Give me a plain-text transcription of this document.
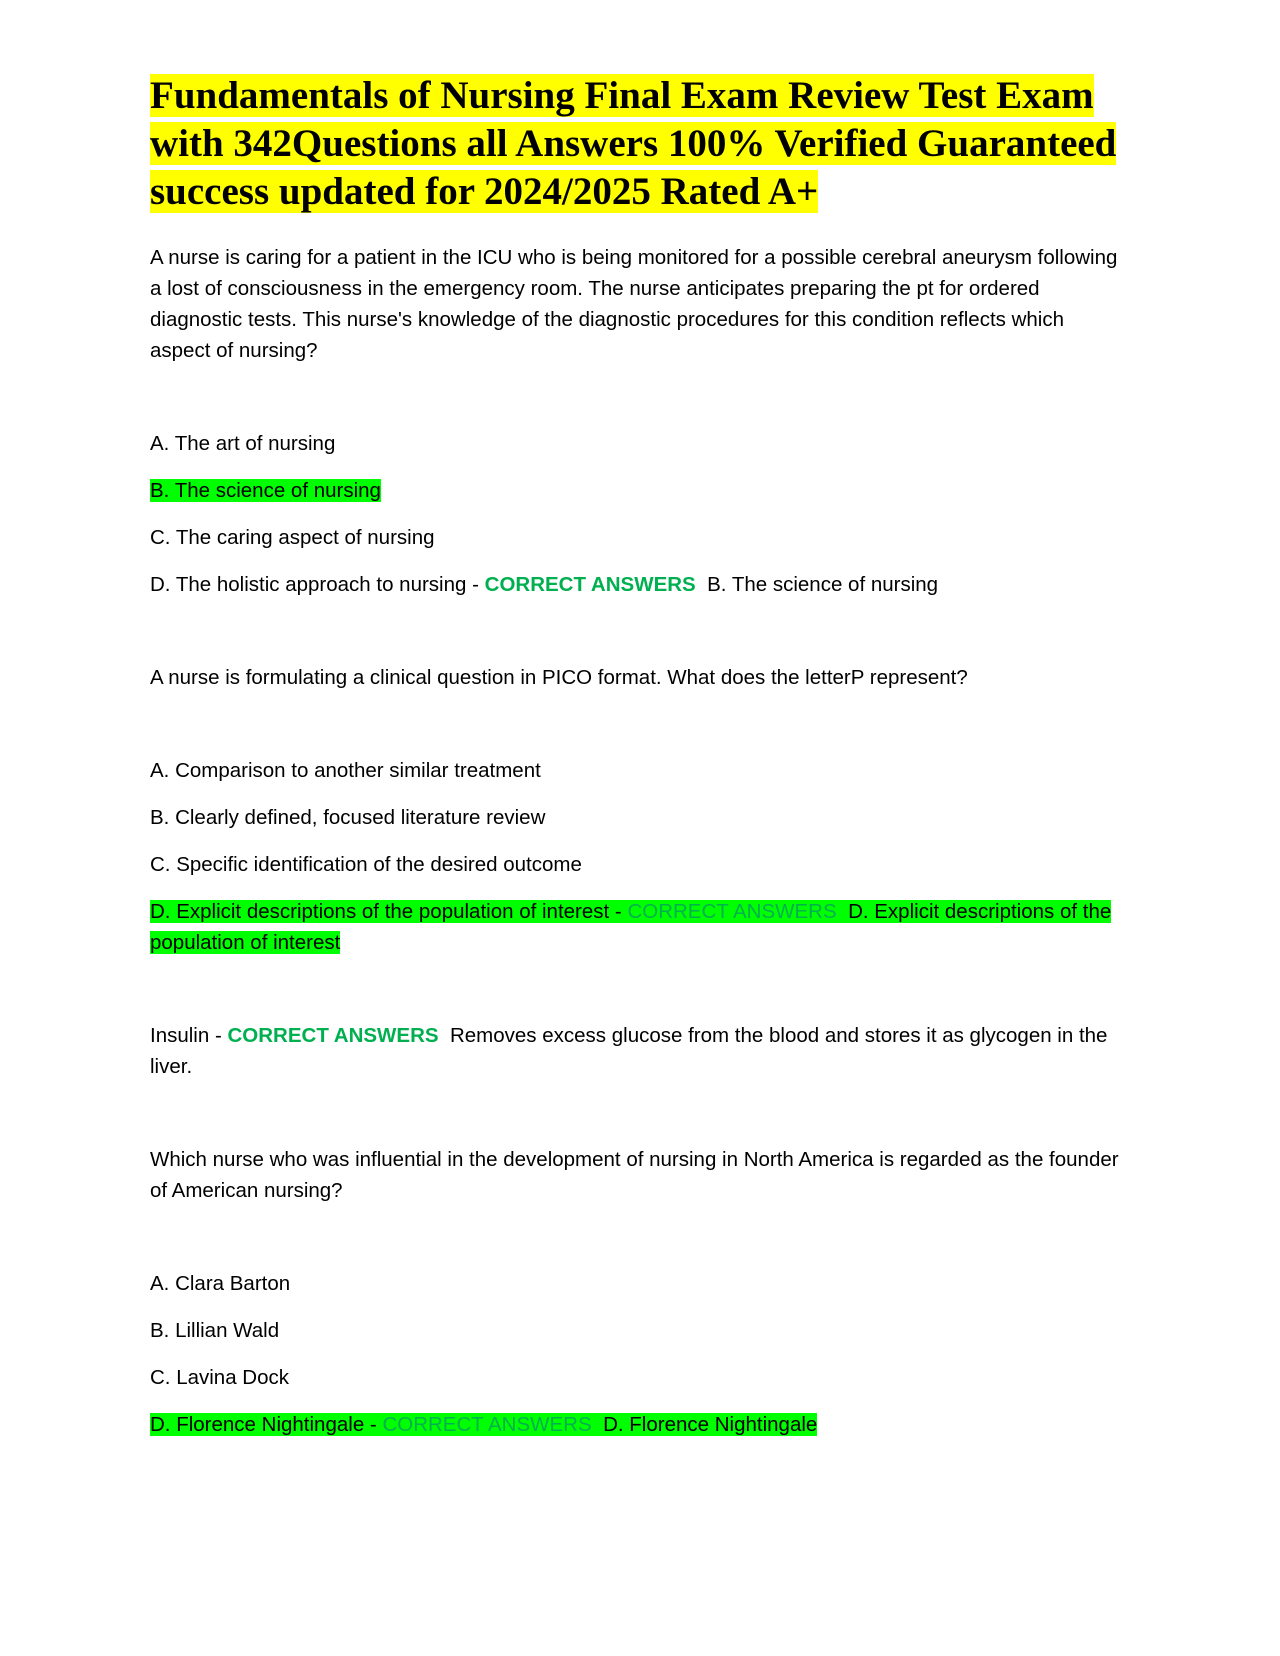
Fundamentals of Nursing Final Exam Review Test Exam with 342Questions all Answers 100% Verified Guaranteed success updated for 2024/2025 Rated A+

A nurse is caring for a patient in the ICU who is being monitored for a possible cerebral aneurysm following a lost of consciousness in the emergency room. The nurse anticipates preparing the pt for ordered diagnostic tests. This nurse's knowledge of the diagnostic procedures for this condition reflects which aspect of nursing?

A. The art of nursing

B. The science of nursing

C. The caring aspect of nursing

D. The holistic approach to nursing - CORRECT ANSWERS B. The science of nursing

A nurse is formulating a clinical question in PICO format. What does the letterP represent?

A. Comparison to another similar treatment

B. Clearly defined, focused literature review

C. Specific identification of the desired outcome

D. Explicit descriptions of the population of interest - CORRECT ANSWERS D. Explicit descriptions of the population of interest

Insulin - CORRECT ANSWERS Removes excess glucose from the blood and stores it as glycogen in the liver.

Which nurse who was influential in the development of nursing in North America is regarded as the founder of American nursing?

A. Clara Barton

B. Lillian Wald

C. Lavina Dock

D. Florence Nightingale - CORRECT ANSWERS D. Florence Nightingale
